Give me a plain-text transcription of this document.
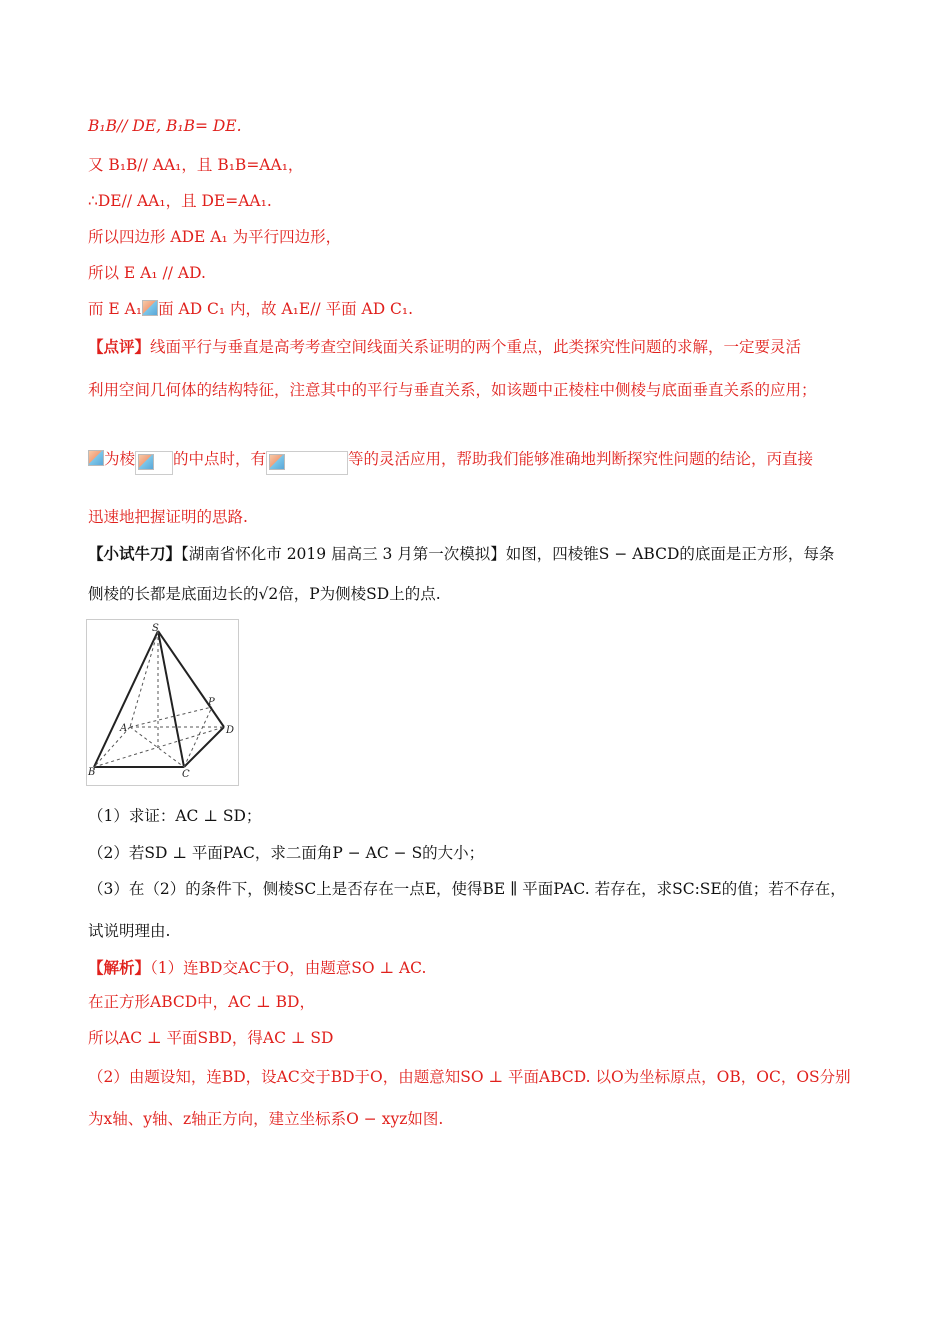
B₁B// DE, B₁B= DE.
又 B₁B// AA₁，且 B₁B=AA₁，
∴DE// AA₁，且 DE=AA₁.
所以四边形 ADE A₁ 为平行四边形，
所以 E A₁ // AD.
而 E A₁ 面 AD C₁ 内，故 A₁E// 平面 AD C₁.
【点评】线面平行与垂直是高考考查空间线面关系证明的两个重点，此类探究性问题的求解，一定要灵活
利用空间几何体的结构特征，注意其中的平行与垂直关系，如该题中正棱柱中侧棱与底面垂直关系的应用；
为棱 的中点时，有	等的灵活应用，帮助我们能够准确地判断探究性问题的结论，丙直接
迅速地把握证明的思路.
【小试牛刀】【湖南省怀化市 2019 届高三 3 月第一次模拟】如图，四棱锥S − ABCD的底面是正方形，每条
侧棱的长都是底面边长的√2倍，P为侧棱SD上的点.
S
P
A	D
B	C
（1）求证：AC ⊥ SD；
（2）若SD ⊥ 平面PAC，求二面角P − AC − S的大小；
（3）在（2）的条件下，侧棱SC上是否存在一点E，使得BE ∥ 平面PAC. 若存在，求SC:SE的值；若不存在，
试说明理由.
【解析】（1）连BD交AC于O，由题意SO ⊥ AC.
在正方形ABCD中，AC ⊥ BD，
所以AC ⊥ 平面SBD，得AC ⊥ SD
（2）由题设知，连BD，设AC交于BD于O，由题意知SO ⊥ 平面ABCD. 以O为坐标原点，OB，OC，OS分别
为x轴、y轴、z轴正方向，建立坐标系O − xyz如图.
